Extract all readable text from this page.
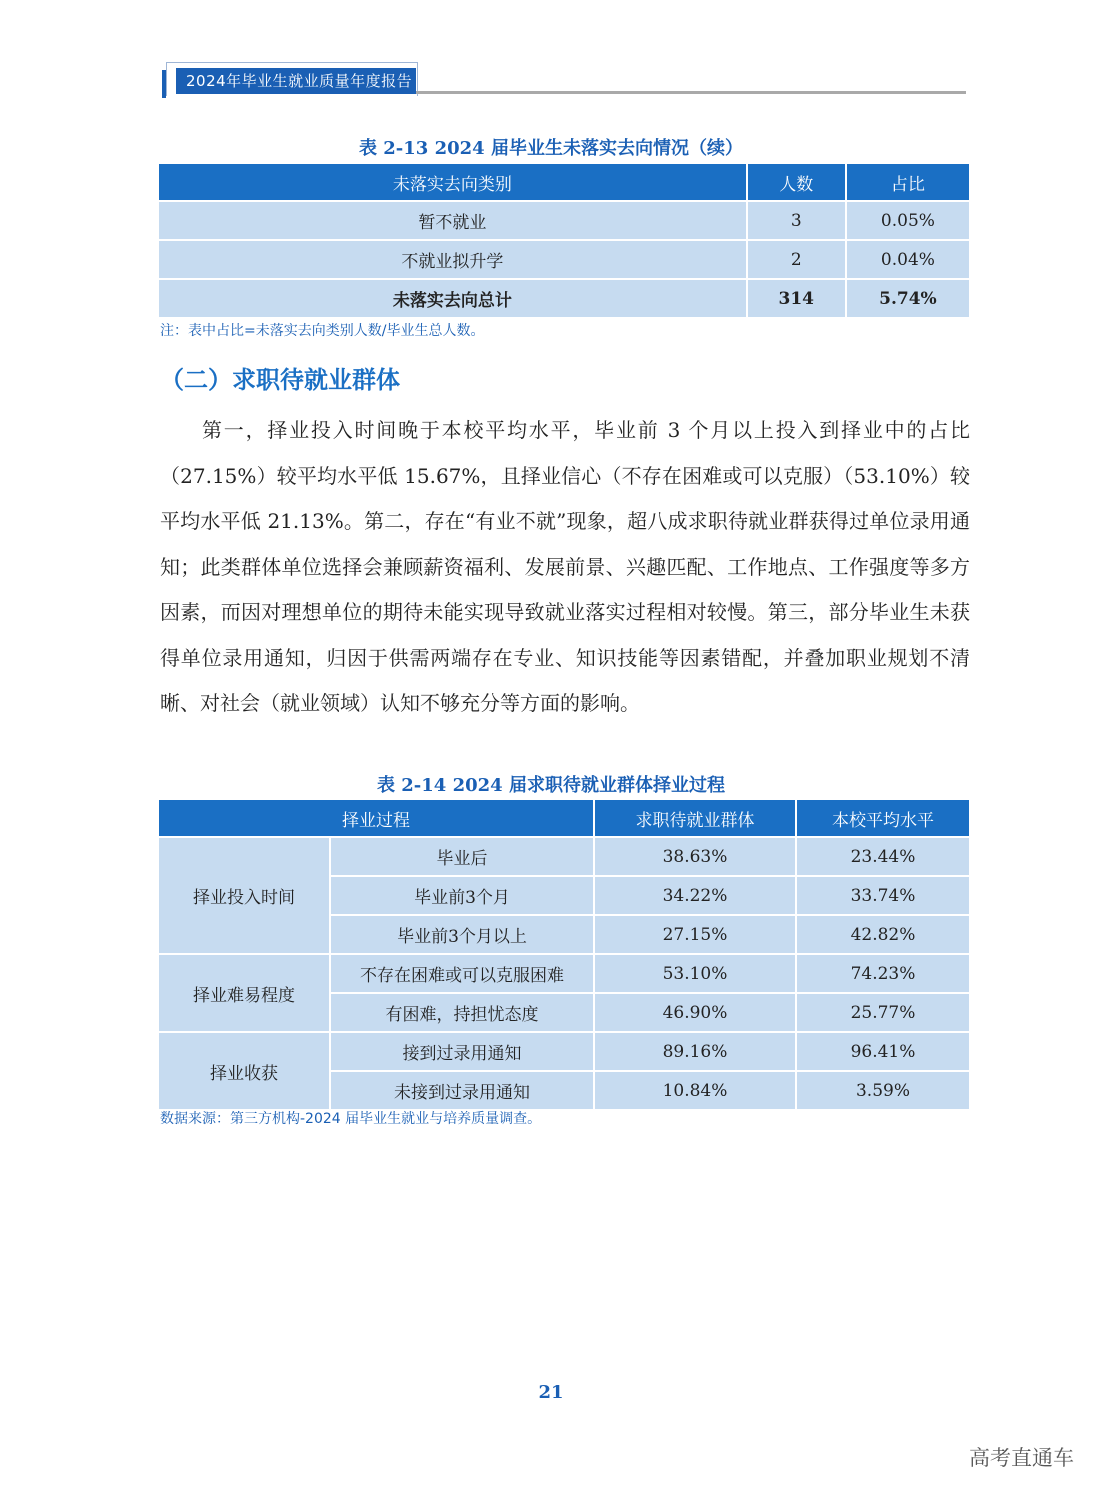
2024年毕业生就业质量年度报告
表 2-13 2024 届毕业生未落实去向情况（续）
未落实去向类别	人数	占比
暂不就业	3	0.05%
不就业拟升学	2	0.04%
未落实去向总计	314	5.74%
注：表中占比=未落实去向类别人数/毕业生总人数。
（二）求职待就业群体

第一，择业投入时间晚于本校平均水平，毕业前 3 个月以上投入到择业中的占比（27.15%）较平均水平低 15.67%，且择业信心（不存在困难或可以克服）（53.10%）较平均水平低 21.13%。第二，存在“有业不就”现象，超八成求职待就业群获得过单位录用通知；此类群体单位选择会兼顾薪资福利、发展前景、兴趣匹配、工作地点、工作强度等多方因素，而因对理想单位的期待未能实现导致就业落实过程相对较慢。第三，部分毕业生未获得单位录用通知，归因于供需两端存在专业、知识技能等因素错配，并叠加职业规划不清晰、对社会（就业领域）认知不够充分等方面的影响。

表 2-14 2024 届求职待就业群体择业过程
择业过程		求职待就业群体	本校平均水平
择业投入时间	毕业后	38.63%	23.44%
	毕业前3个月	34.22%	33.74%
	毕业前3个月以上	27.15%	42.82%
择业难易程度	不存在困难或可以克服困难	53.10%	74.23%
	有困难，持担忧态度	46.90%	25.77%
择业收获	接到过录用通知	89.16%	96.41%
	未接到过录用通知	10.84%	3.59%
数据来源：第三方机构-2024 届毕业生就业与培养质量调查。
21
高考直通车
